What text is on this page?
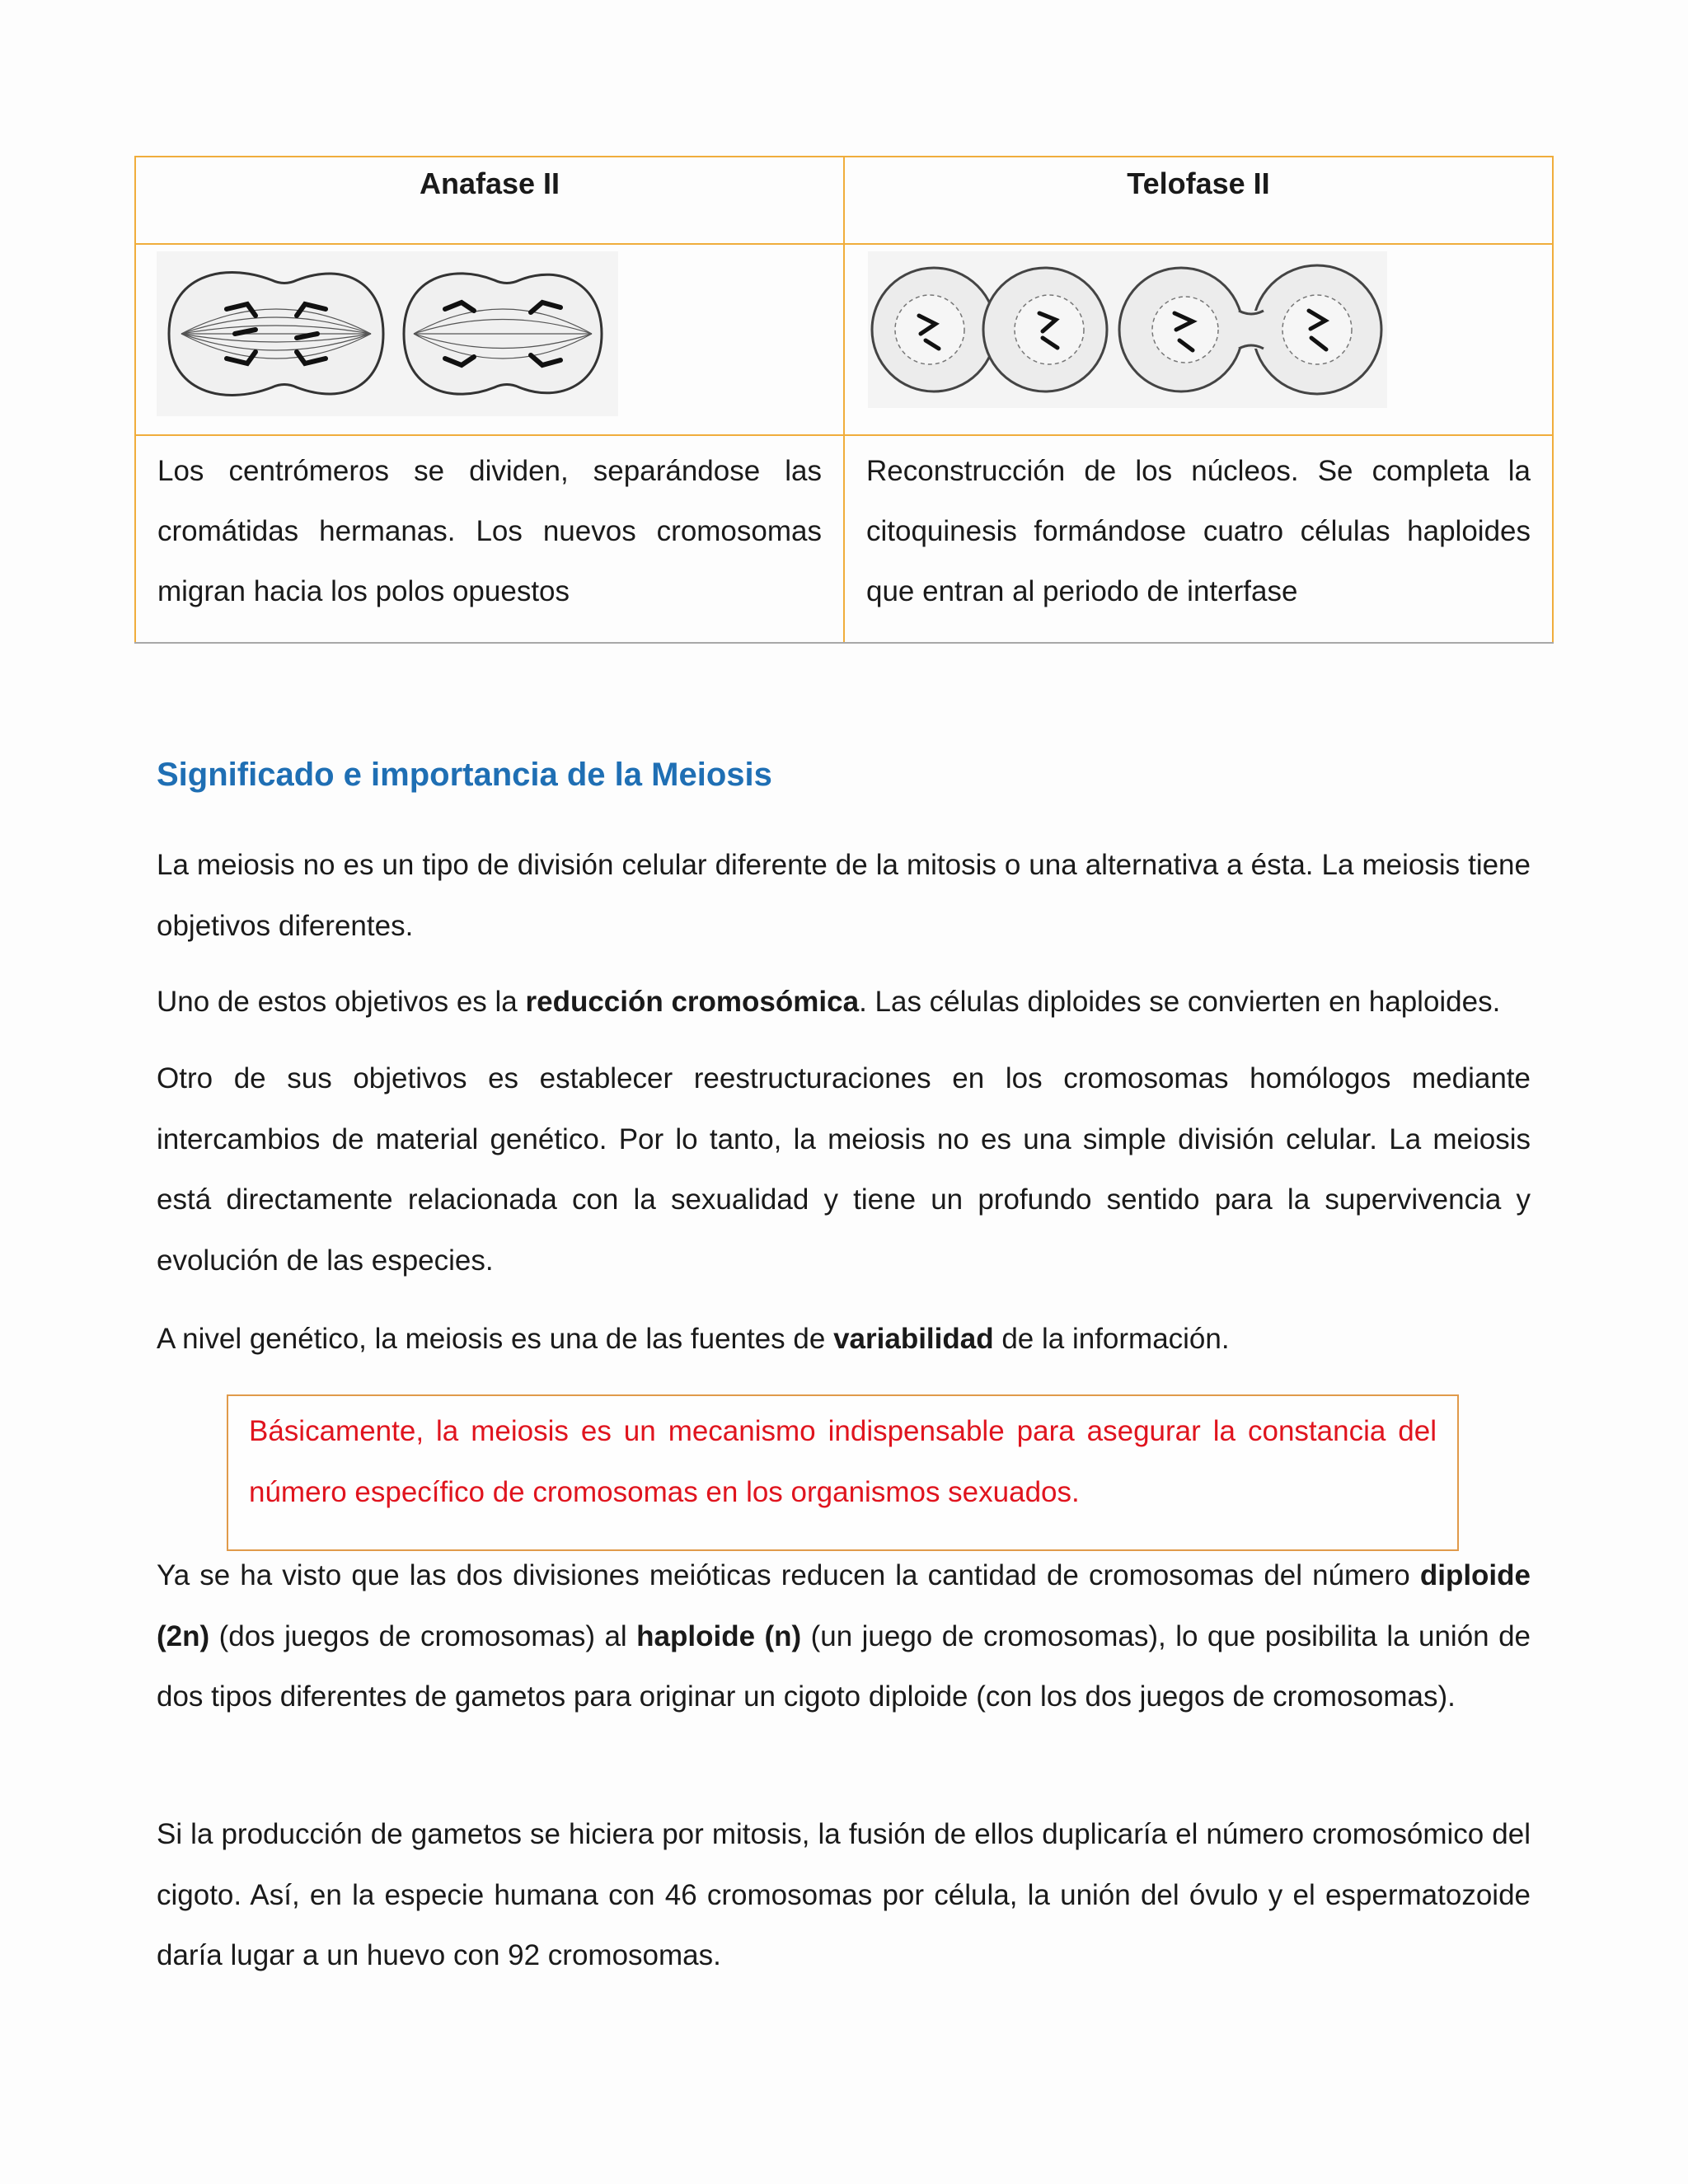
Anafase II	Telofase II

Los centrómeros se dividen, separándose las cromátidas hermanas. Los nuevos cromosomas migran hacia los polos opuestos	Reconstrucción de los núcleos. Se completa la citoquinesis formándose cuatro células haploides que entran al periodo de interfase
Significado e importancia de la Meiosis

La meiosis no es un tipo de división celular diferente de la mitosis o una alternativa a ésta. La meiosis tiene objetivos diferentes.

Uno de estos objetivos es la reducción cromosómica. Las células diploides se convierten en haploides.

Otro de sus objetivos es establecer reestructuraciones en los cromosomas homólogos mediante intercambios de material genético. Por lo tanto, la meiosis no es una simple división celular. La meiosis está directamente relacionada con la sexualidad y tiene un profundo sentido para la supervivencia y evolución de las especies.

A nivel genético, la meiosis es una de las fuentes de variabilidad de la información.

Básicamente, la meiosis es un mecanismo indispensable para asegurar la constancia del número específico de cromosomas en los organismos sexuados.

Ya se ha visto que las dos divisiones meióticas reducen la cantidad de cromosomas del número diploide (2n) (dos juegos de cromosomas) al haploide (n) (un juego de cromosomas), lo que posibilita la unión de dos tipos diferentes de gametos para originar un cigoto diploide (con los dos juegos de cromosomas).

Si la producción de gametos se hiciera por mitosis, la fusión de ellos duplicaría el número cromosómico del cigoto. Así, en la especie humana con 46 cromosomas por célula, la unión del óvulo y el espermatozoide daría lugar a un huevo con 92 cromosomas.
